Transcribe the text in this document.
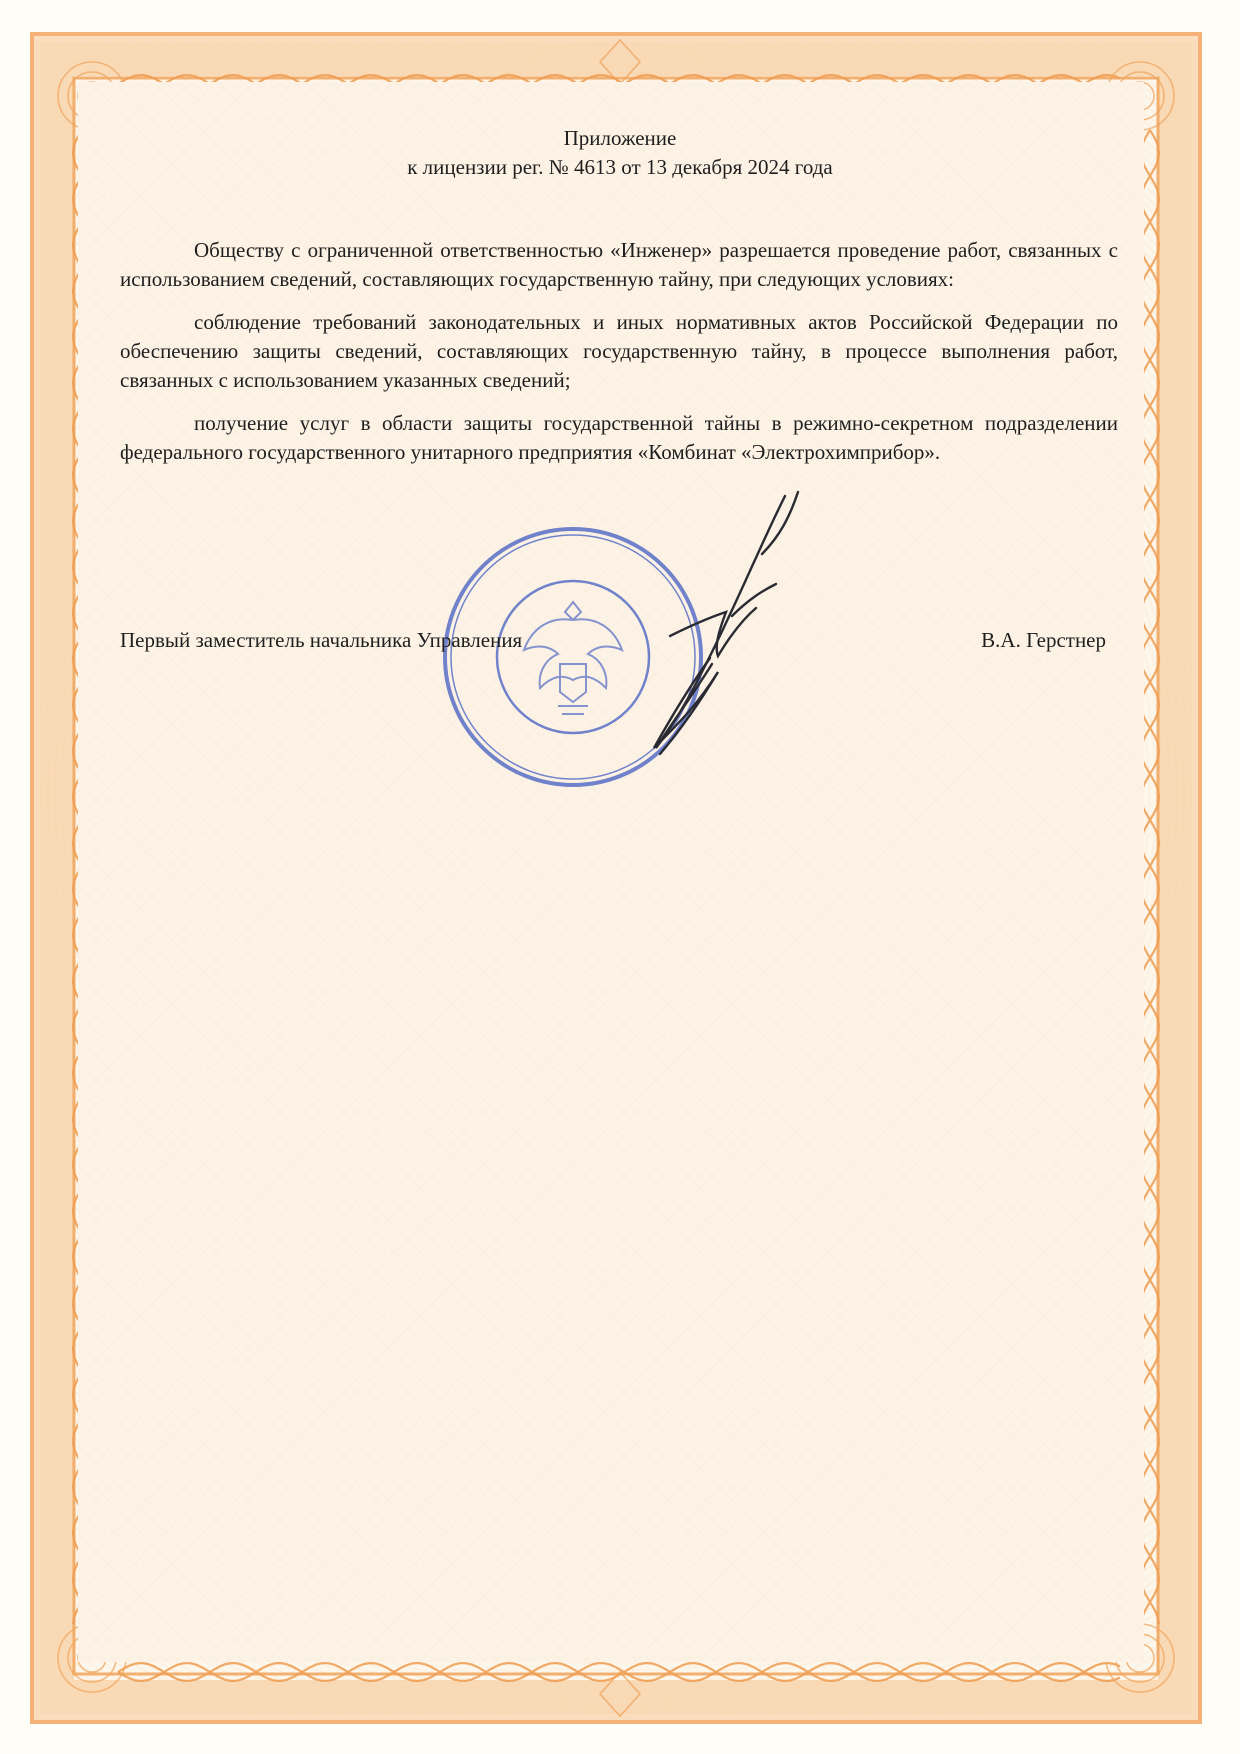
Приложение
к лицензии рег. № 4613 от 13 декабря 2024 года

Обществу с ограниченной ответственностью «Инженер» разрешается проведение работ, связанных с использованием сведений, составляющих государственную тайну, при следующих условиях:

соблюдение требований законодательных и иных нормативных актов Российской Федерации по обеспечению защиты сведений, составляющих государственную тайну, в процессе выполнения работ, связанных с использованием указанных сведений;

получение услуг в области защиты государственной тайны в режимно-секретном подразделении федерального государственного унитарного предприятия «Комбинат «Электрохимприбор».

Первый заместитель начальника Управления	В.А. Герстнер
